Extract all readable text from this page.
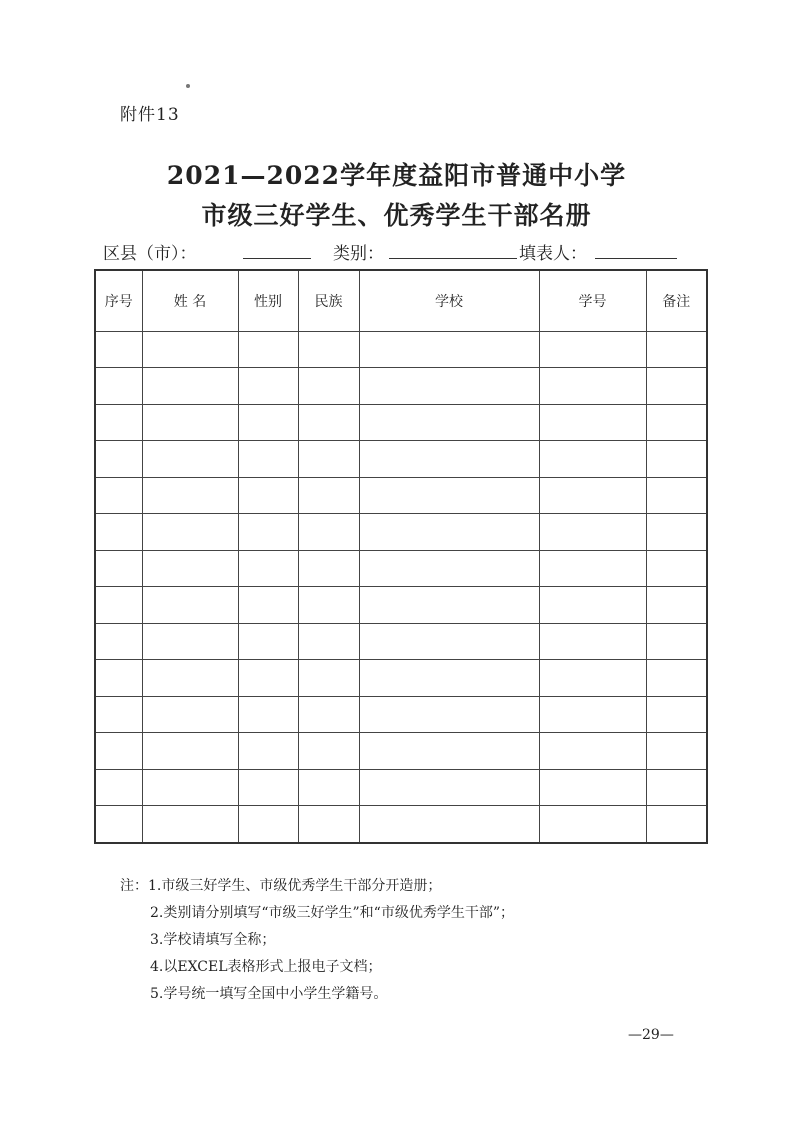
附件13
2021—2022学年度益阳市普通中小学
市级三好学生、优秀学生干部名册
区县（市）：	类别：	填表人：
序号	姓 名	性别	民族	学校	学号	备注

注：1.市级三好学生、市级优秀学生干部分开造册；
2.类别请分别填写“市级三好学生”和“市级优秀学生干部”；
3.学校请填写全称；
4.以EXCEL表格形式上报电子文档；
5.学号统一填写全国中小学生学籍号。
—29—
